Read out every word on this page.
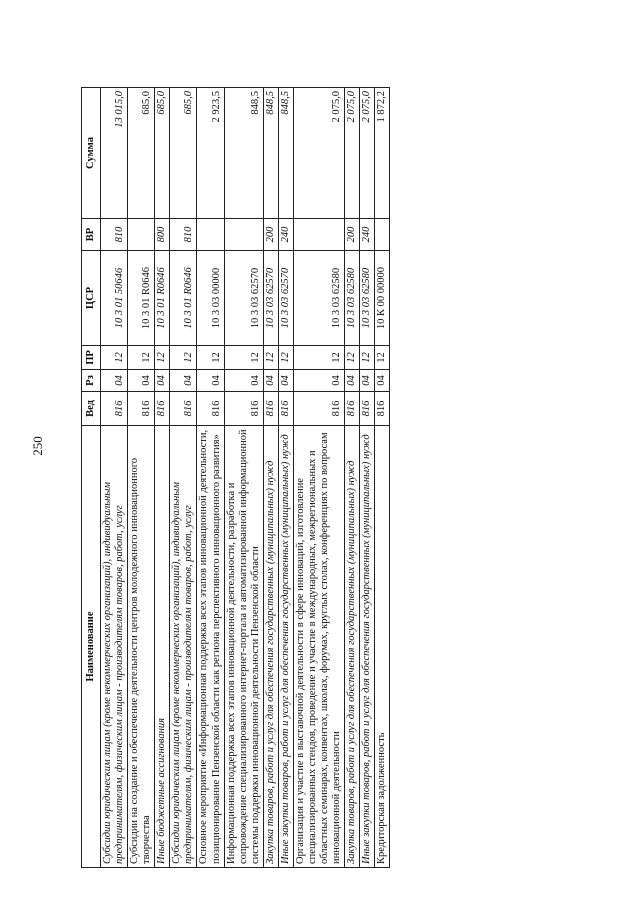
250
Наименование	Вед	Рз	ПР	ЦСР	ВР	Сумма
Субсидии юридическим лицам (кроме некоммерческих организаций), индивидуальным предпринимателям, физическим лицам - производителям товаров, работ, услуг	816	04	12	10 3 01 50646	810	13 015,0
Субсидии на создание и обеспечение деятельности центров молодежного инновационного творчества	816	04	12	10 3 01 R0646		685,0
Иные бюджетные ассигнования	816	04	12	10 3 01 R0646	800	685,0
Субсидии юридическим лицам (кроме некоммерческих организаций), индивидуальным предпринимателям, физическим лицам - производителям товаров, работ, услуг	816	04	12	10 3 01 R0646	810	685,0
Основное мероприятие «Информационная поддержка всех этапов инновационной деятельности, позиционирование Пензенской области как региона перспективного инновационного развития»	816	04	12	10 3 03 00000		2 923,5
Информационная поддержка всех этапов инновационной деятельности, разработка и сопровождение специализированного интернет-портала и автоматизированной информационной системы поддержки инновационной деятельности Пензенской области	816	04	12	10 3 03 62570		848,5
Закупка товаров, работ и услуг для обеспечения государственных (муниципальных) нужд	816	04	12	10 3 03 62570	200	848,5
Иные закупки товаров, работ и услуг для обеспечения государственных (муниципальных) нужд	816	04	12	10 3 03 62570	240	848,5
Организация и участие в выставочной деятельности в сфере инноваций, изготовление специализированных стендов, проведение и участие в международных, межрегиональных и областных семинарах, конвентах, школах, форумах, круглых столах, конференциях по вопросам инновационной деятельности	816	04	12	10 3 03 62580		2 075,0
Закупка товаров, работ и услуг для обеспечения государственных (муниципальных) нужд	816	04	12	10 3 03 62580	200	2 075,0
Иные закупки товаров, работ и услуг для обеспечения государственных (муниципальных) нужд	816	04	12	10 3 03 62580	240	2 075,0
Кредиторская задолженность	816	04	12	10 К 00 00000		1 872,2
